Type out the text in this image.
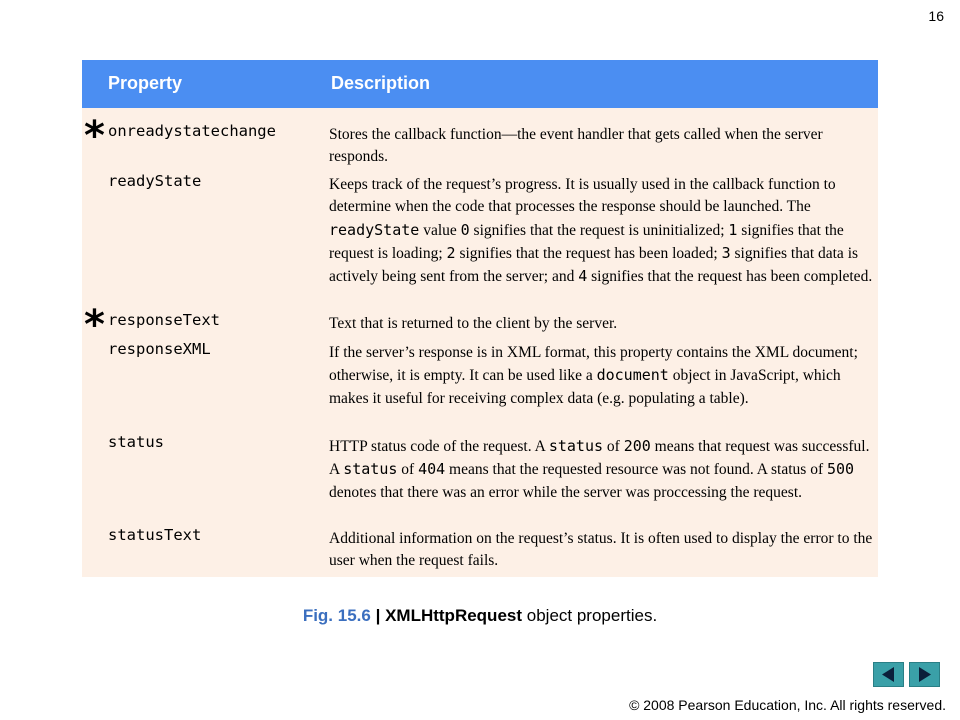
16
Property	Description
* onreadystatechange	Stores the callback function—the event handler that gets called when the server responds.
readyState	Keeps track of the request’s progress. It is usually used in the callback function to determine when the code that processes the response should be launched. The readyState value 0 signifies that the request is uninitialized; 1 signifies that the request is loading; 2 signifies that the request has been loaded; 3 signifies that data is actively being sent from the server; and 4 signifies that the request has been completed.
* responseText	Text that is returned to the client by the server.
responseXML	If the server’s response is in XML format, this property contains the XML document; otherwise, it is empty. It can be used like a document object in JavaScript, which makes it useful for receiving complex data (e.g. populating a table).
status	HTTP status code of the request. A status of 200 means that request was successful. A status of 404 means that the requested resource was not found. A status of 500 denotes that there was an error while the server was proccessing the request.
statusText	Additional information on the request’s status. It is often used to display the error to the user when the request fails.
Fig. 15.6 | XMLHttpRequest object properties.
© 2008 Pearson Education, Inc. All rights reserved.
